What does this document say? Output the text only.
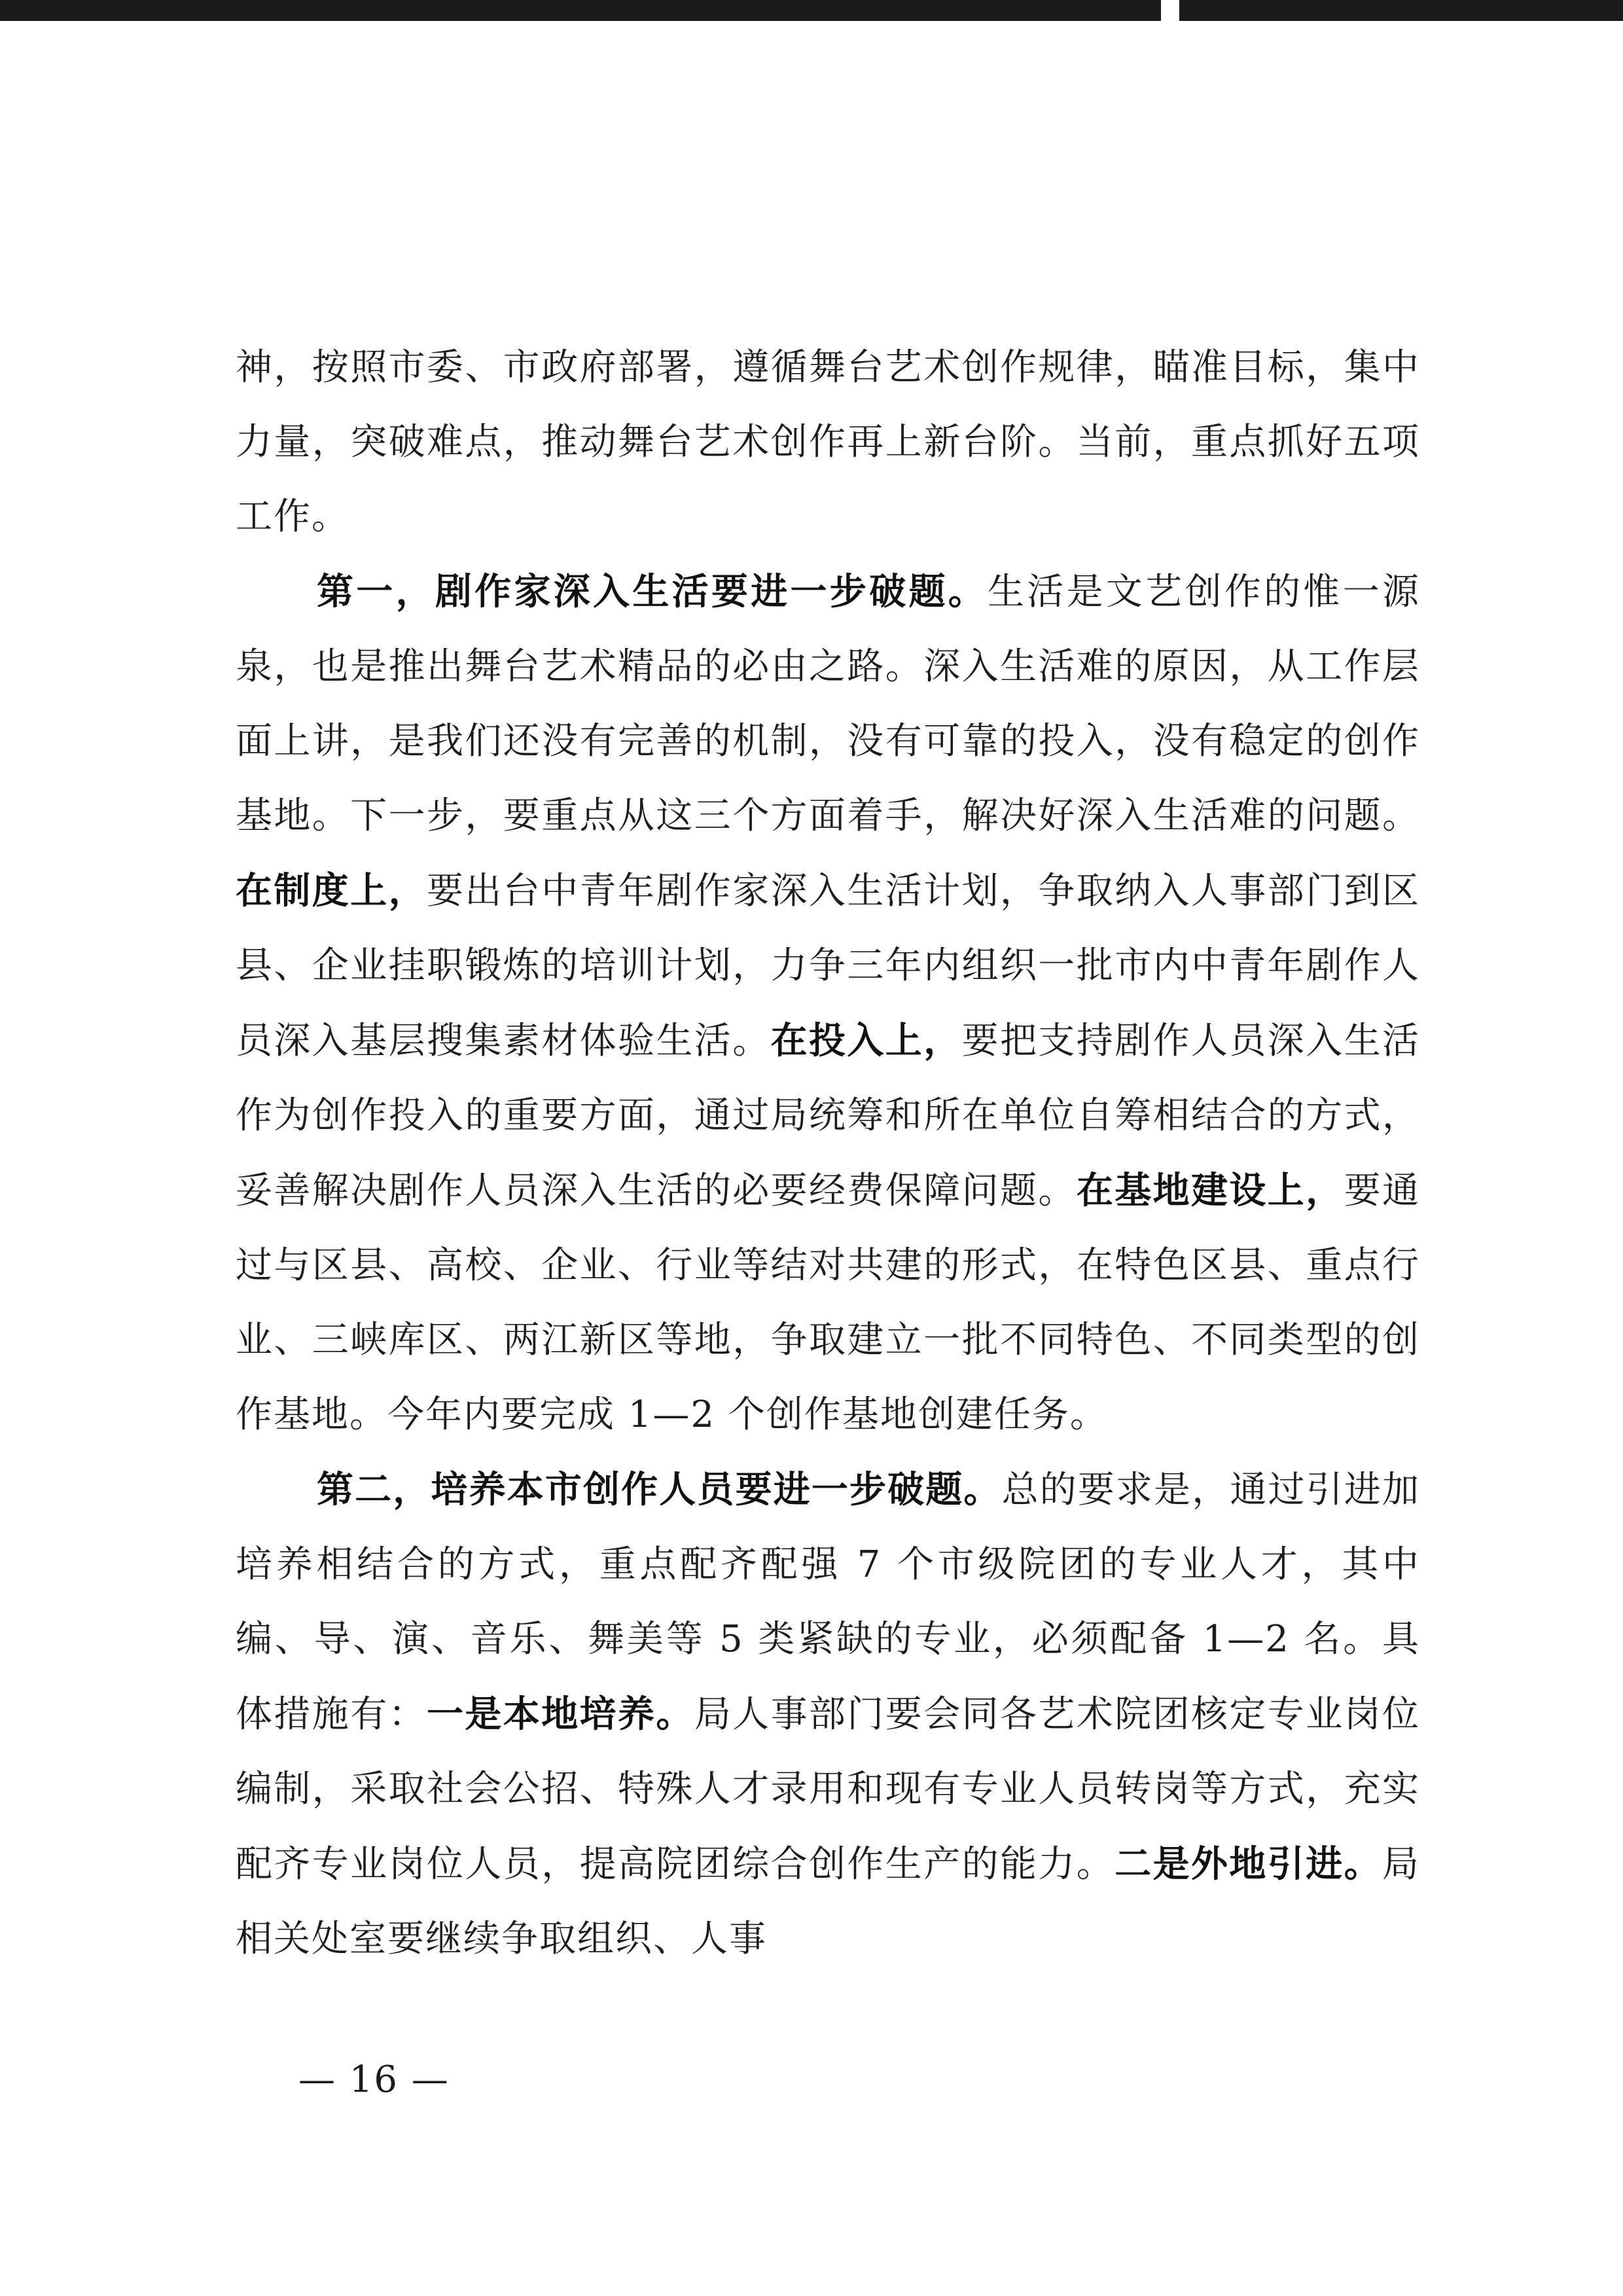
神，按照市委、市政府部署，遵循舞台艺术创作规律，瞄准目标，集中力量，突破难点，推动舞台艺术创作再上新台阶。当前，重点抓好五项工作。

第一，剧作家深入生活要进一步破题。生活是文艺创作的惟一源泉，也是推出舞台艺术精品的必由之路。深入生活难的原因，从工作层面上讲，是我们还没有完善的机制，没有可靠的投入，没有稳定的创作基地。下一步，要重点从这三个方面着手，解决好深入生活难的问题。在制度上，要出台中青年剧作家深入生活计划，争取纳入人事部门到区县、企业挂职锻炼的培训计划，力争三年内组织一批市内中青年剧作人员深入基层搜集素材体验生活。在投入上，要把支持剧作人员深入生活作为创作投入的重要方面，通过局统筹和所在单位自筹相结合的方式，妥善解决剧作人员深入生活的必要经费保障问题。在基地建设上，要通过与区县、高校、企业、行业等结对共建的形式，在特色区县、重点行业、三峡库区、两江新区等地，争取建立一批不同特色、不同类型的创作基地。今年内要完成 1—2 个创作基地创建任务。

第二，培养本市创作人员要进一步破题。总的要求是，通过引进加培养相结合的方式，重点配齐配强 7 个市级院团的专业人才，其中编、导、演、音乐、舞美等 5 类紧缺的专业，必须配备 1—2 名。具体措施有：一是本地培养。局人事部门要会同各艺术院团核定专业岗位编制，采取社会公招、特殊人才录用和现有专业人员转岗等方式，充实配齐专业岗位人员，提高院团综合创作生产的能力。二是外地引进。局相关处室要继续争取组织、人事

— 16 —
